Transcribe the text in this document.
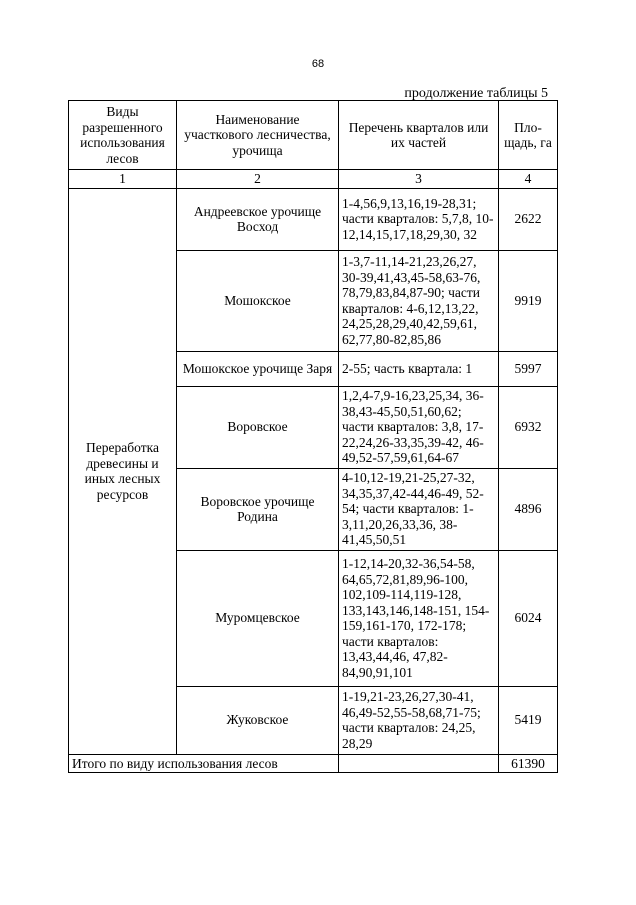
68
продолжение таблицы 5
Виды разрешенного использования лесов	Наименование участкового лесничества, урочища	Перечень кварталов или их частей	Пло-щадь, га
1	2	3	4
Переработка древесины и иных лесных ресурсов	Андреевское урочище Восход	1-4,56,9,13,16,19-28,31; части кварталов: 5,7,8, 10-12,14,15,17,18,29,30, 32	2622
	Мошокское	1-3,7-11,14-21,23,26,27, 30-39,41,43,45-58,63-76, 78,79,83,84,87-90; части кварталов: 4-6,12,13,22, 24,25,28,29,40,42,59,61, 62,77,80-82,85,86	9919
	Мошокское урочище Заря	2-55; часть квартала: 1	5997
	Воровское	1,2,4-7,9-16,23,25,34, 36-38,43-45,50,51,60,62; части кварталов: 3,8, 17-22,24,26-33,35,39-42, 46-49,52-57,59,61,64-67	6932
	Воровское урочище Родина	4-10,12-19,21-25,27-32, 34,35,37,42-44,46-49, 52-54; части кварталов: 1-3,11,20,26,33,36, 38-41,45,50,51	4896
	Муромцевское	1-12,14-20,32-36,54-58, 64,65,72,81,89,96-100, 102,109-114,119-128, 133,143,146,148-151, 154-159,161-170, 172-178; части кварталов: 13,43,44,46, 47,82-84,90,91,101	6024
	Жуковское	1-19,21-23,26,27,30-41, 46,49-52,55-58,68,71-75; части кварталов: 24,25, 28,29	5419
Итого по виду использования лесов			61390
